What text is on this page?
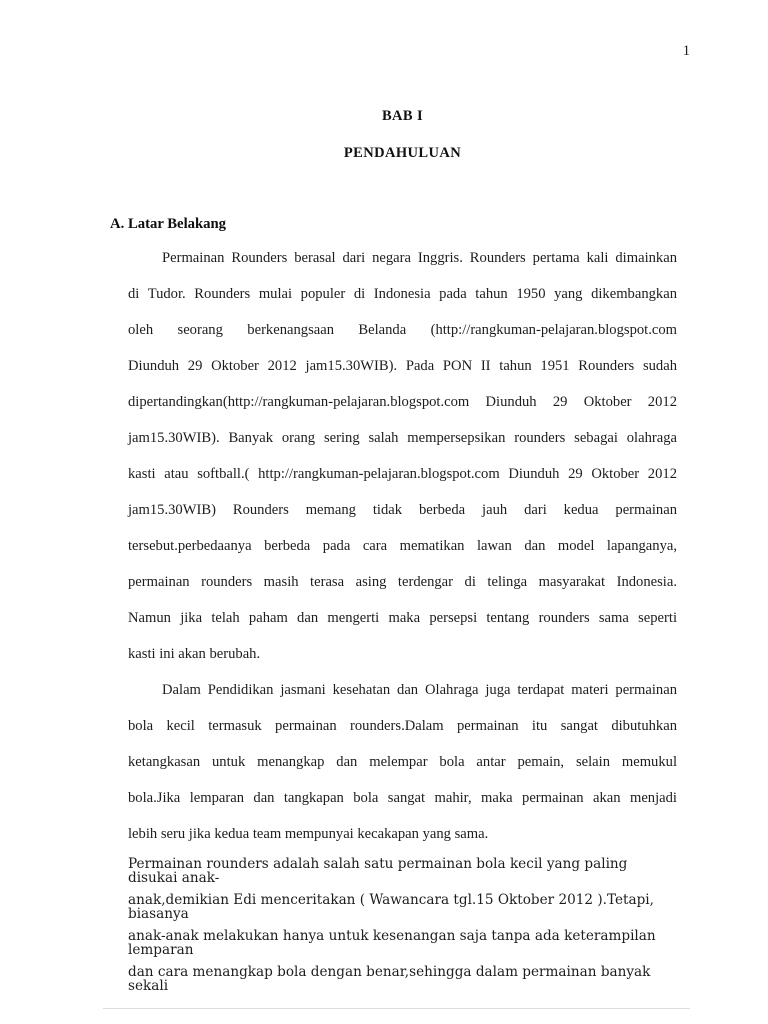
1
BAB I
PENDAHULUAN
A. Latar Belakang
Permainan Rounders berasal dari negara Inggris. Rounders pertama kali dimainkan
di Tudor. Rounders mulai populer di Indonesia pada tahun 1950 yang dikembangkan
oleh seorang berkenangsaan Belanda (http://rangkuman-pelajaran.blogspot.com
Diunduh 29 Oktober 2012 jam15.30WIB). Pada PON II tahun 1951 Rounders sudah
dipertandingkan(http://rangkuman-pelajaran.blogspot.com Diunduh 29 Oktober 2012
jam15.30WIB). Banyak orang sering salah mempersepsikan rounders sebagai olahraga
kasti atau softball.( http://rangkuman-pelajaran.blogspot.com Diunduh 29 Oktober 2012
jam15.30WIB) Rounders memang tidak berbeda jauh dari kedua permainan
tersebut.perbedaanya berbeda pada cara mematikan lawan dan model lapanganya,
permainan rounders masih terasa asing terdengar di telinga masyarakat Indonesia.
Namun jika telah paham dan mengerti maka persepsi tentang rounders sama seperti
kasti ini akan berubah.
Dalam Pendidikan jasmani kesehatan dan Olahraga juga terdapat materi permainan
bola kecil termasuk permainan rounders.Dalam permainan itu sangat dibutuhkan
ketangkasan untuk menangkap dan melempar bola antar pemain, selain memukul
bola.Jika lemparan dan tangkapan bola sangat mahir, maka permainan akan menjadi
lebih seru jika kedua team mempunyai kecakapan yang sama.
Permainan rounders adalah salah satu permainan bola kecil yang paling disukai anak-
anak,demikian Edi menceritakan ( Wawancara tgl.15 Oktober 2012 ).Tetapi, biasanya
anak-anak melakukan hanya untuk kesenangan saja tanpa ada keterampilan lemparan
dan cara menangkap bola dengan benar,sehingga dalam permainan banyak sekali
